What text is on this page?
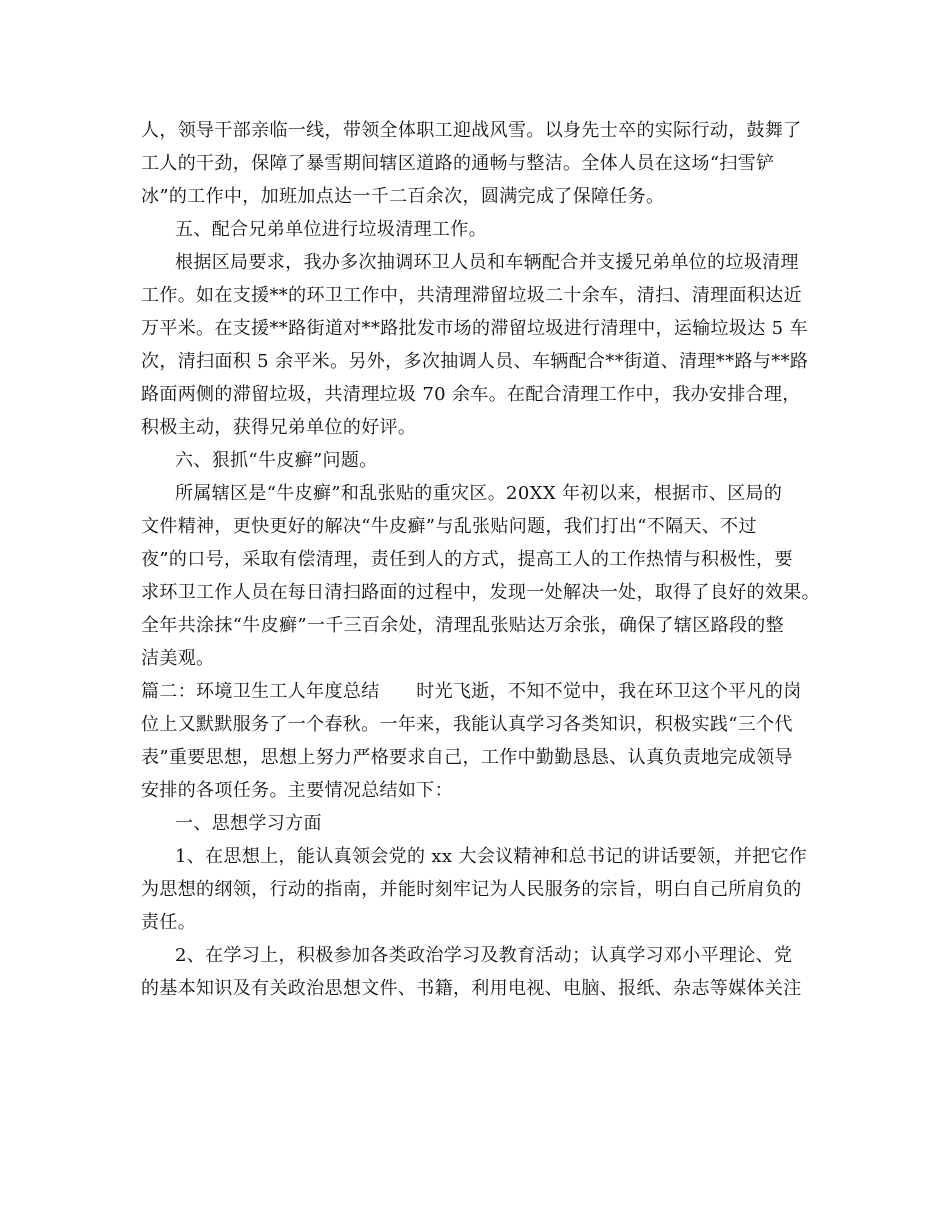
人，领导干部亲临一线，带领全体职工迎战风雪。以身先士卒的实际行动，鼓舞了
工人的干劲，保障了暴雪期间辖区道路的通畅与整洁。全体人员在这场“扫雪铲
冰”的工作中，加班加点达一千二百余次，圆满完成了保障任务。
五、配合兄弟单位进行垃圾清理工作。
根据区局要求，我办多次抽调环卫人员和车辆配合并支援兄弟单位的垃圾清理
工作。如在支援**的环卫工作中，共清理滞留垃圾二十余车，清扫、清理面积达近
万平米。在支援**路街道对**路批发市场的滞留垃圾进行清理中，运输垃圾达 5 车
次，清扫面积 5 余平米。另外，多次抽调人员、车辆配合**街道、清理**路与**路
路面两侧的滞留垃圾，共清理垃圾 70 余车。在配合清理工作中，我办安排合理，
积极主动，获得兄弟单位的好评。
六、狠抓“牛皮癣”问题。
所属辖区是“牛皮癣”和乱张贴的重灾区。20XX 年初以来，根据市、区局的
文件精神，更快更好的解决“牛皮癣”与乱张贴问题，我们打出“不隔天、不过
夜”的口号，采取有偿清理，责任到人的方式，提高工人的工作热情与积极性，要
求环卫工作人员在每日清扫路面的过程中，发现一处解决一处，取得了良好的效果。
全年共涂抹“牛皮癣”一千三百余处，清理乱张贴达万余张，确保了辖区路段的整
洁美观。
篇二：环境卫生工人年度总结　　时光飞逝，不知不觉中，我在环卫这个平凡的岗
位上又默默服务了一个春秋。一年来，我能认真学习各类知识，积极实践“三个代
表”重要思想，思想上努力严格要求自己，工作中勤勤恳恳、认真负责地完成领导
安排的各项任务。主要情况总结如下：
一、思想学习方面
1、在思想上，能认真领会党的 xx 大会议精神和总书记的讲话要领，并把它作
为思想的纲领，行动的指南，并能时刻牢记为人民服务的宗旨，明白自己所肩负的
责任。
2、在学习上，积极参加各类政治学习及教育活动；认真学习邓小平理论、党
的基本知识及有关政治思想文件、书籍，利用电视、电脑、报纸、杂志等媒体关注
